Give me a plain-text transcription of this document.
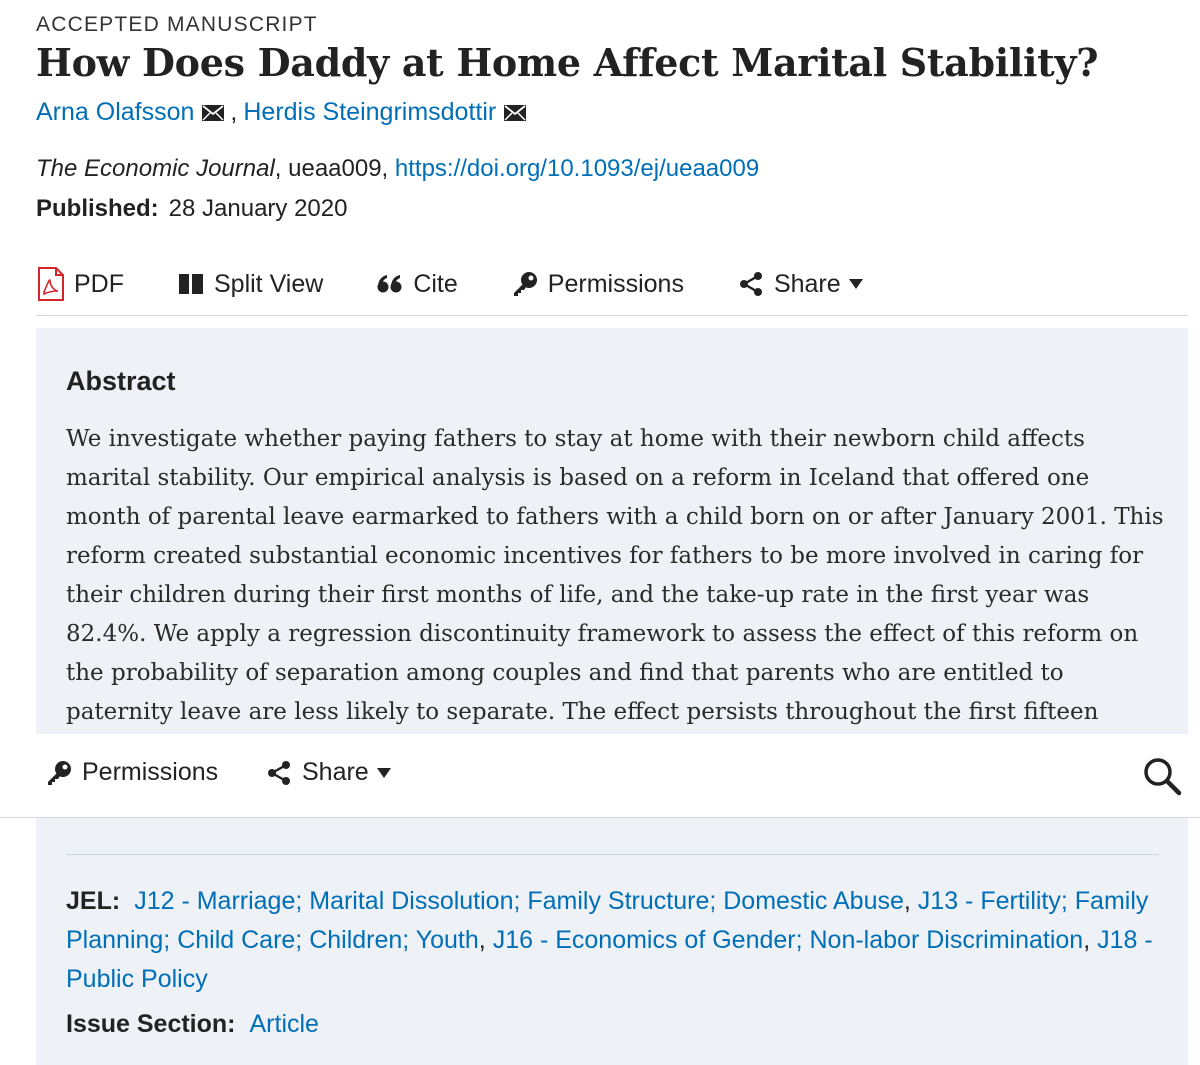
ACCEPTED MANUSCRIPT
How Does Daddy at Home Affect Marital Stability?
Arna Olafsson , Herdis Steingrimsdottir
The Economic Journal, ueaa009, https://doi.org/10.1093/ej/ueaa009
Published: 28 January 2020
PDF	Split View	Cite	Permissions	Share
Abstract

We investigate whether paying fathers to stay at home with their newborn child affects marital stability. Our empirical analysis is based on a reform in Iceland that offered one month of parental leave earmarked to fathers with a child born on or after January 2001. This reform created substantial economic incentives for fathers to be more involved in caring for their children during their first months of life, and the take-up rate in the first year was 82.4%. We apply a regression discontinuity framework to assess the effect of this reform on the probability of separation among couples and find that parents who are entitled to paternity leave are less likely to separate. The effect persists throughout the first fifteen

Permissions	Share
JEL: J12 - Marriage; Marital Dissolution; Family Structure; Domestic Abuse, J13 - Fertility; Family Planning; Child Care; Children; Youth, J16 - Economics of Gender; Non-labor Discrimination, J18 - Public Policy
Issue Section: Article
